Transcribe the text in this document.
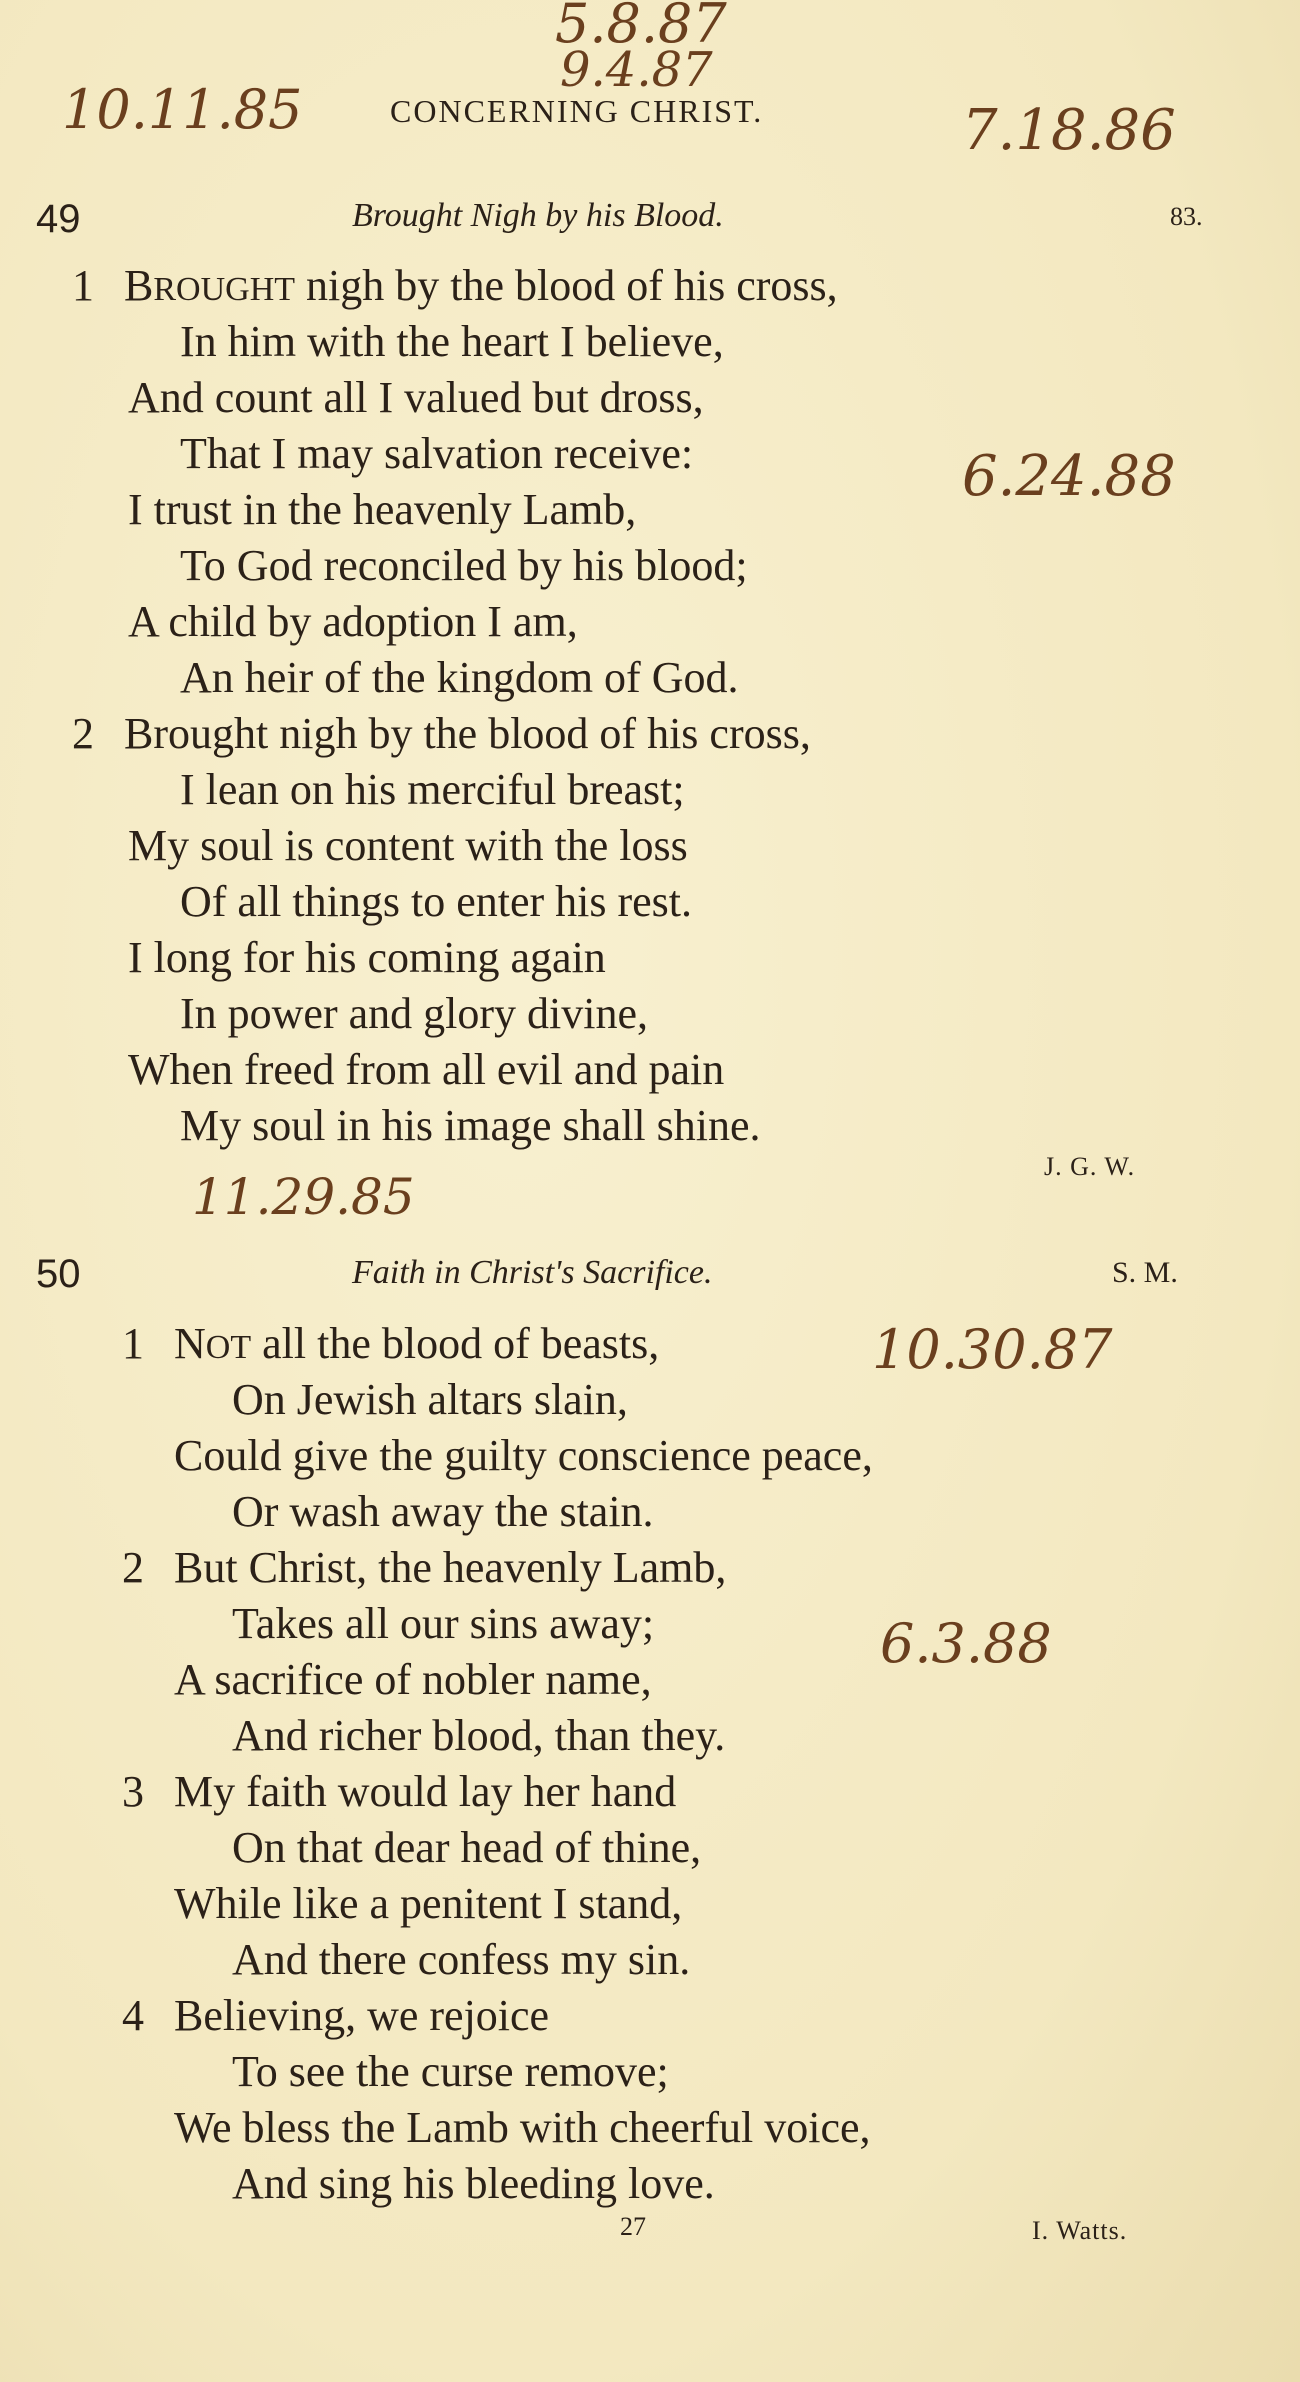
5.8.87
9.4.87
10.11.85	7.18.86
CONCERNING CHRIST.
49	Brought Nigh by his Blood.	83.
1 BROUGHT nigh by the blood of his cross,
In him with the heart I believe,
And count all I valued but dross,
That I may salvation receive:
I trust in the heavenly Lamb,
To God reconciled by his blood;
A child by adoption I am,
An heir of the kingdom of God.
6.24.88
2 Brought nigh by the blood of his cross,
I lean on his merciful breast;
My soul is content with the loss
Of all things to enter his rest.
I long for his coming again
In power and glory divine,
When freed from all evil and pain
My soul in his image shall shine.
J. G. W.
11.29.85
50	Faith in Christ's Sacrifice.	S. M.
1 NOT all the blood of beasts,	10.30.87
On Jewish altars slain,
Could give the guilty conscience peace,
Or wash away the stain.
2 But Christ, the heavenly Lamb,
Takes all our sins away;	6.3.88
A sacrifice of nobler name,
And richer blood, than they.
3 My faith would lay her hand
On that dear head of thine,
While like a penitent I stand,
And there confess my sin.
4 Believing, we rejoice
To see the curse remove;
We bless the Lamb with cheerful voice,
And sing his bleeding love.
27	I. Watts.
